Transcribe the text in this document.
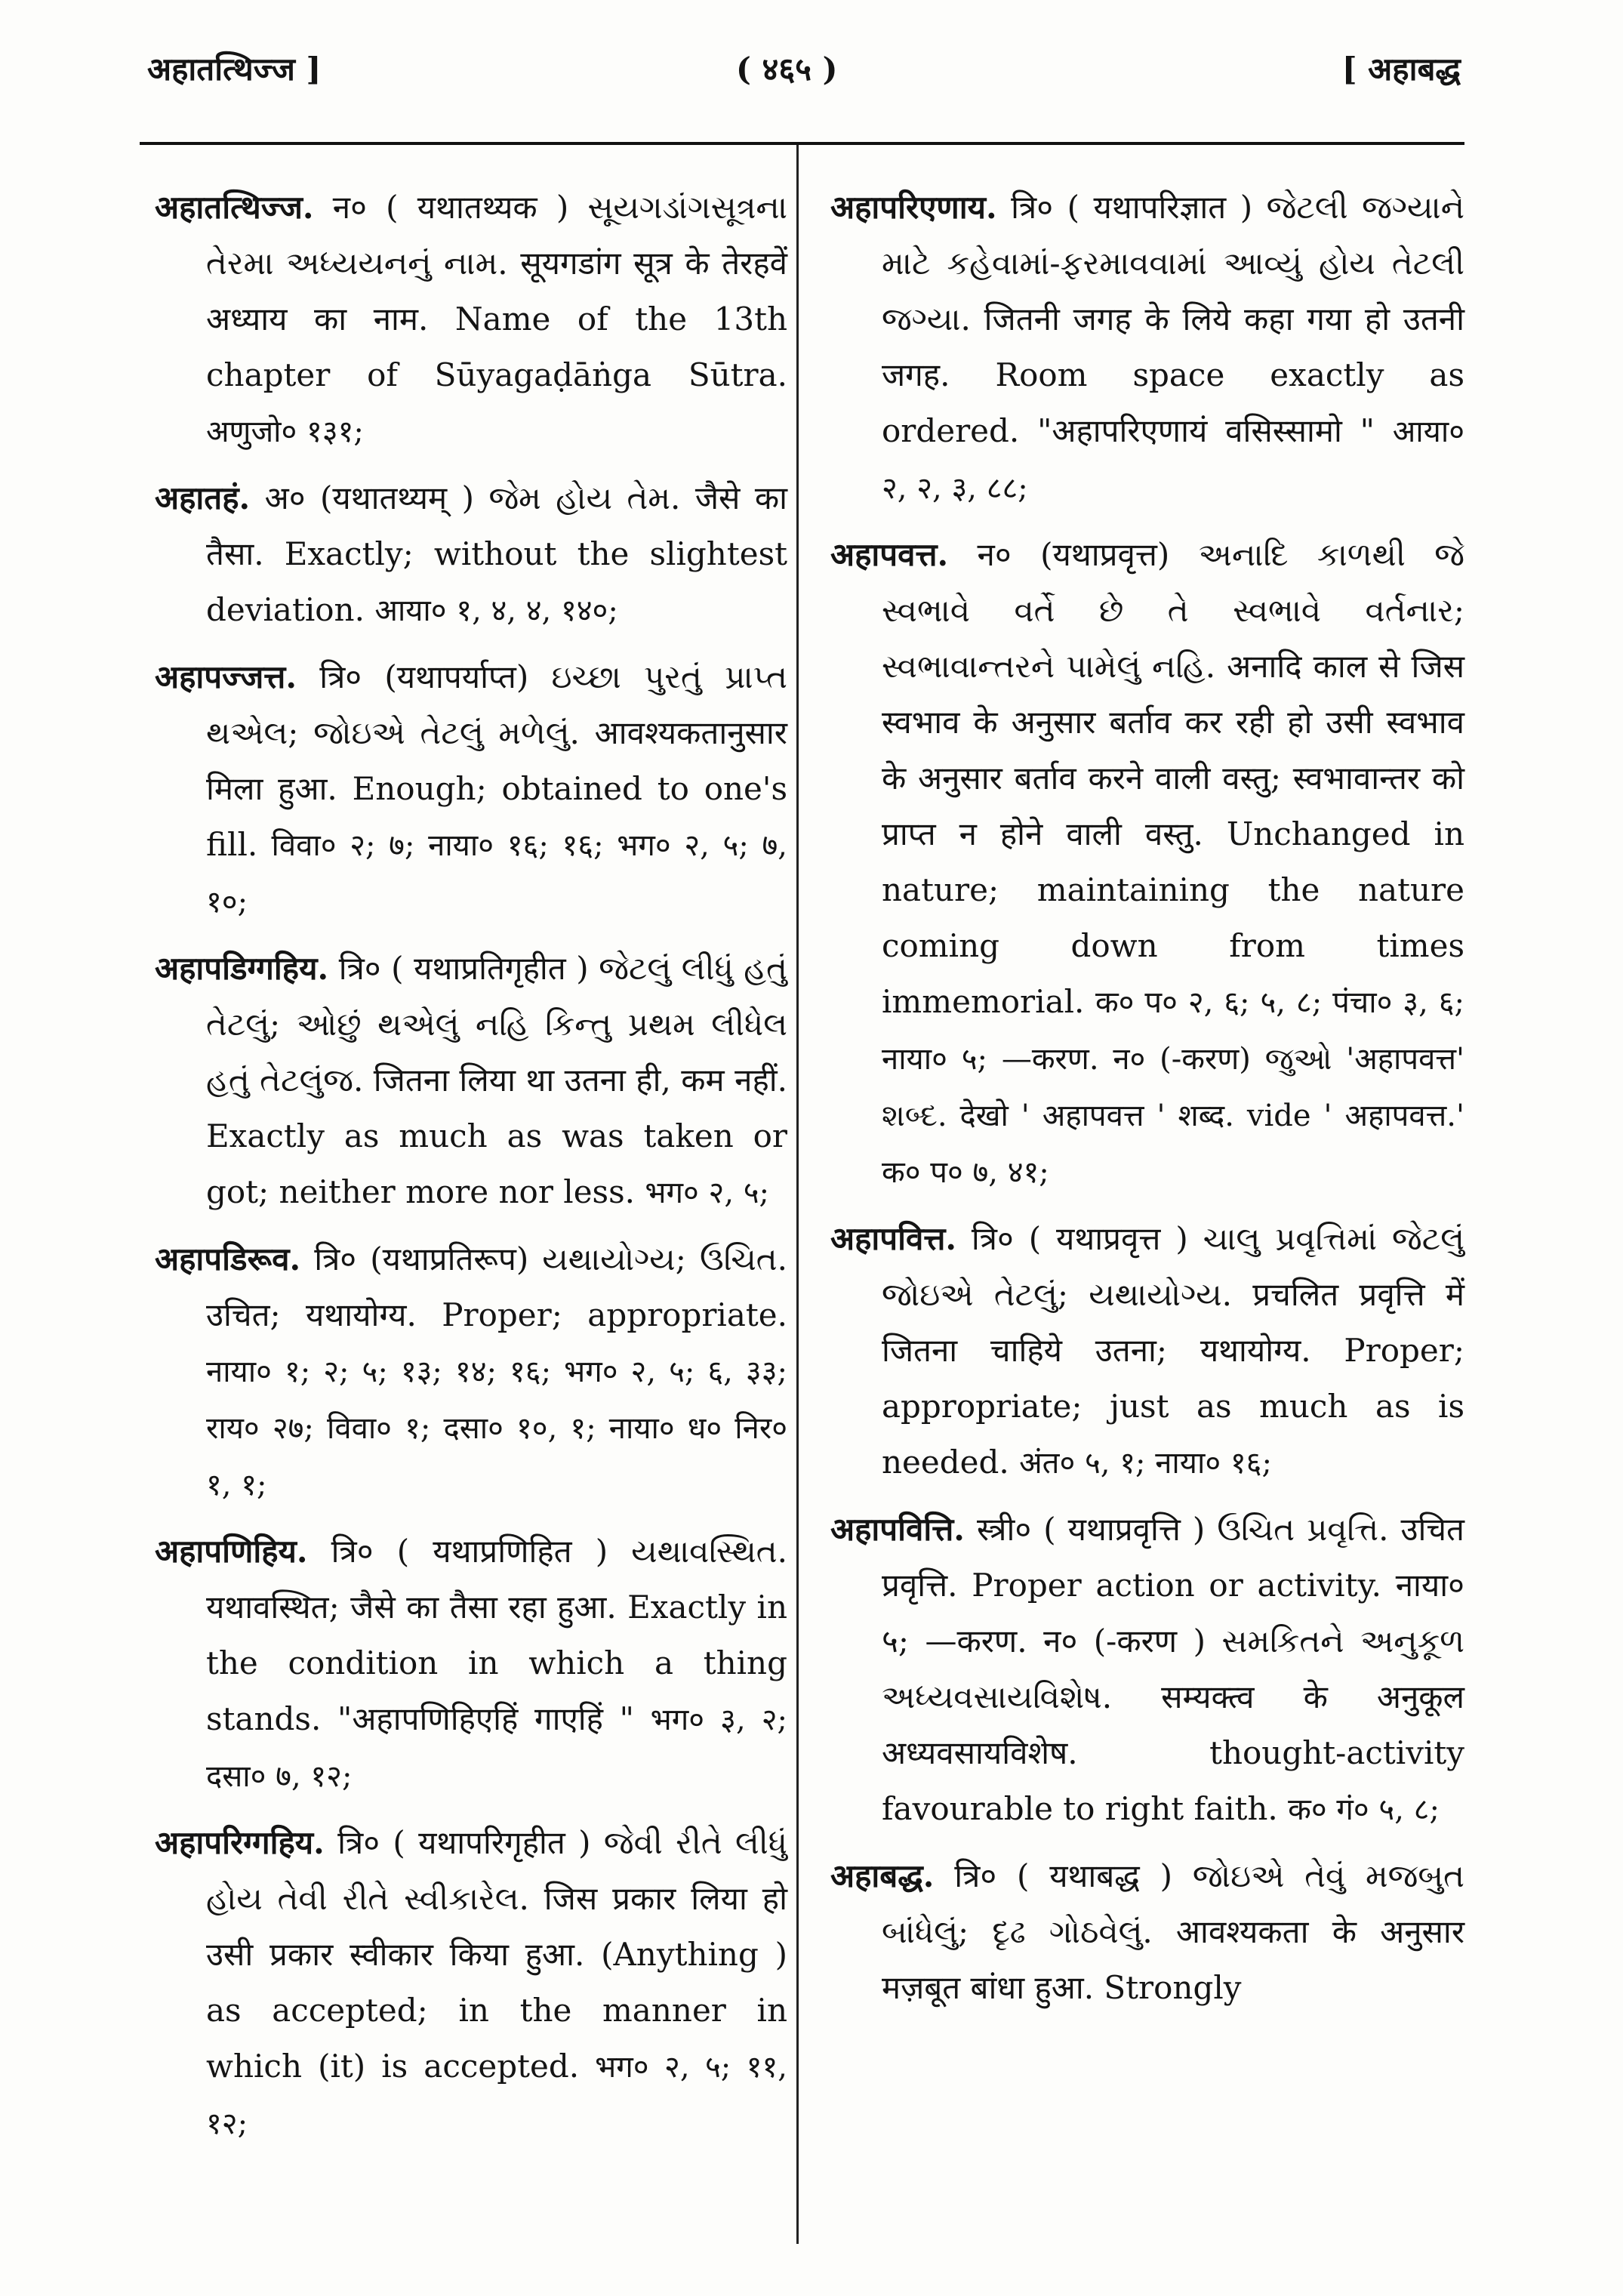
अहातत्थिज्ज ]	( ४६५ )	[ अहाबद्ध

अहातत्थिज्ज. न० ( यथातथ्यक ) સૂયગડાંગસૂત્રના તેરમા અધ્યયનનું નામ. सूयगडांग सूत्र के तेरहवें अध्याय का नाम. Name of the 13th chapter of Sūyagaḍāṅga Sūtra. अणुजो० १३१;

अहातहं. अ० (यथातथ्यम् ) જેમ હોય તેમ. जैसे का तैसा. Exactly; without the slightest deviation. आया० १, ४, ४, १४०;

अहापज्जत्त. त्रि० (यथापर्याप्त) ઇચ્છા પુરતું પ્રાપ્ત થએલ; જોઇએ તેટલું મળેલું. आवश्यकतानुसार मिला हुआ. Enough; obtained to one's fill. विवा० २; ७; नाया० १६; १६; भग० २, ५; ७, १०;

अहापडिग्गहिय. त्रि० ( यथाप्रतिगृहीत ) જેટલું લીધું હતું તેટલું; ઓછું થએલું નહિ કિન્તુ પ્રથમ લીધેલ હતું તેટલુંજ. जितना लिया था उतना ही, कम नहीं. Exactly as much as was taken or got; neither more nor less. भग० २, ५;

अहापडिरूव. त्रि० (यथाप्रतिरूप) યથાયોગ્ય; ઉચિત. उचित; यथायोग्य. Proper; appropriate. नाया० १; २; ५; १३; १४; १६; भग० २, ५; ६, ३३; राय० २७; विवा० १; दसा० १०, १; नाया० ध० निर० १, १;

अहापणिहिय. त्रि० ( यथाप्रणिहित ) યથાવસ્થિત. यथावस्थित; जैसे का तैसा रहा हुआ. Exactly in the condition in which a thing stands. "अहापणिहिएहिं गाएहिं " भग० ३, २; दसा० ७, १२;

अहापरिग्गहिय. त्रि० ( यथापरिगृहीत ) જેવી રીતે લીધું હોય તેવી રીતે સ્વીકારેલ. जिस प्रकार लिया हो उसी प्रकार स्वीकार किया हुआ. (Anything ) as accepted; in the manner in which (it) is accepted. भग० २, ५; ११, १२;

अहापरिएणाय. त्रि० ( यथापरिज्ञात ) જેટલી જગ્યાને માટે કહેવામાં-ફરમાવવામાં આવ્યું હોય તેટલી જગ્યા. जितनी जगह के लिये कहा गया हो उतनी जगह. Room space exactly as ordered. "अहापरिएणायं वसिस्सामो " आया० २, २, ३, ८८;

अहापवत्त. न० (यथाप्रवृत्त) અનાદિ કાળથી જે સ્વભાવે વર્તે છે તે સ્વભાવે વર્તનાર; સ્વભાવાન્તરને પામેલું નહિ. अनादि काल से जिस स्वभाव के अनुसार बर्ताव कर रही हो उसी स्वभाव के अनुसार बर्ताव करने वाली वस्तु; स्वभावान्तर को प्राप्त न होने वाली वस्तु. Unchanged in nature; maintaining the nature coming down from times immemorial. क० प० २, ६; ५, ८; पंचा० ३, ६; नाया० ५; —करण. न० (-करण) જુઓ 'अहापवत्त' શબ્દ. देखो ' अहापवत्त ' शब्द. vide ' अहापवत्त.' क० प० ७, ४१;

अहापवित्त. त्रि० ( यथाप्रवृत्त ) ચાલુ પ્રવૃત્તિમાં જેટલું જોઇએ તેટલું; યથાયોગ્ય. प्रचलित प्रवृत्ति में जितना चाहिये उतना; यथायोग्य. Proper; appropriate; just as much as is needed. अंत० ५, १; नाया० १६;

अहापवित्ति. स्त्री० ( यथाप्रवृत्ति ) ઉચિત પ્રવૃત્તિ. उचित प्रवृत्ति. Proper action or activity. नाया० ५; —करण. न० (-करण ) સમકિતને અનુકૂળ અધ્યવસાયવિશેષ. सम्यक्त्व के अनुकूल अध्यवसायविशेष. thought-activity favourable to right faith. क० गं० ५, ८;

अहाबद्ध. त्रि० ( यथाबद्ध ) જોઇએ તેવું મજબુત બાંધેલું; દૃઢ ગોઠવેલું. आवश्यकता के अनुसार मज़बूत बांधा हुआ. Strongly
